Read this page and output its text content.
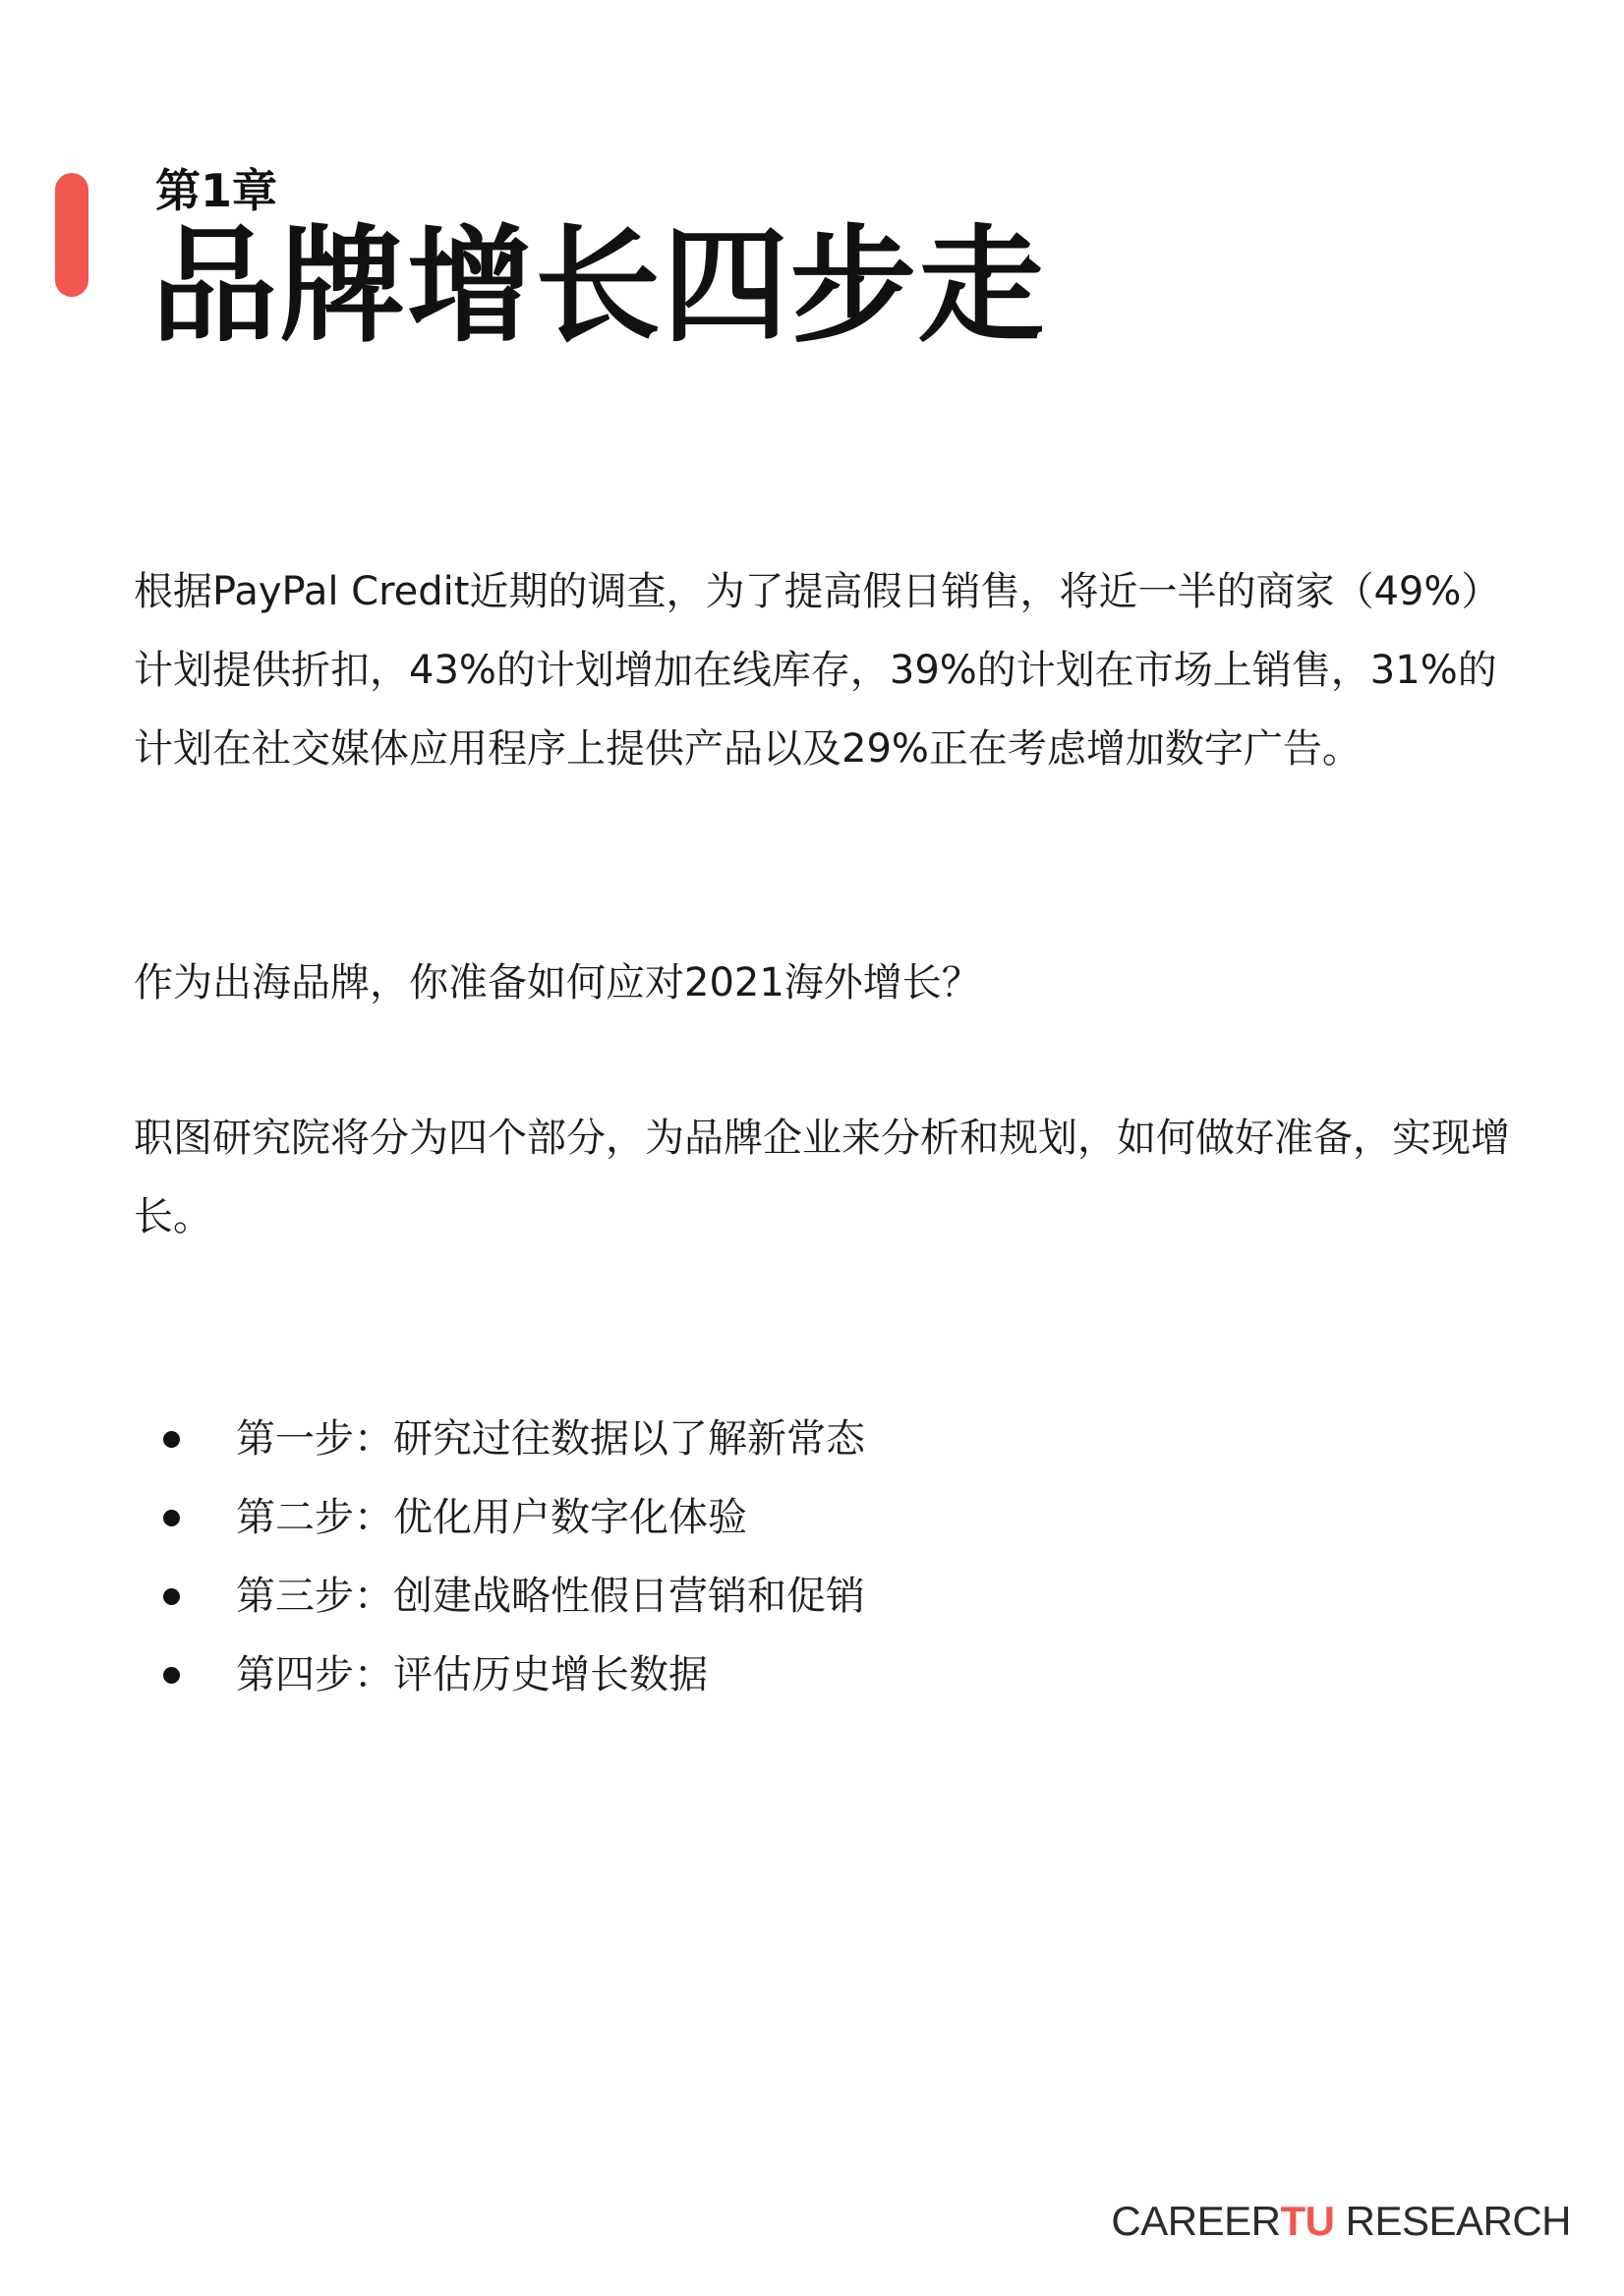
第1章
品牌增长四步走

根据PayPal Credit近期的调查，为了提高假日销售，将近一半的商家（49%）计划提供折扣，43%的计划增加在线库存，39%的计划在市场上销售，31%的计划在社交媒体应用程序上提供产品以及29%正在考虑增加数字广告。

作为出海品牌，你准备如何应对2021海外增长？

职图研究院将分为四个部分，为品牌企业来分析和规划，如何做好准备，实现增长。

第一步：研究过往数据以了解新常态
第二步：优化用户数字化体验
第三步：创建战略性假日营销和促销
第四步：评估历史增长数据
CAREERTU RESEARCH
